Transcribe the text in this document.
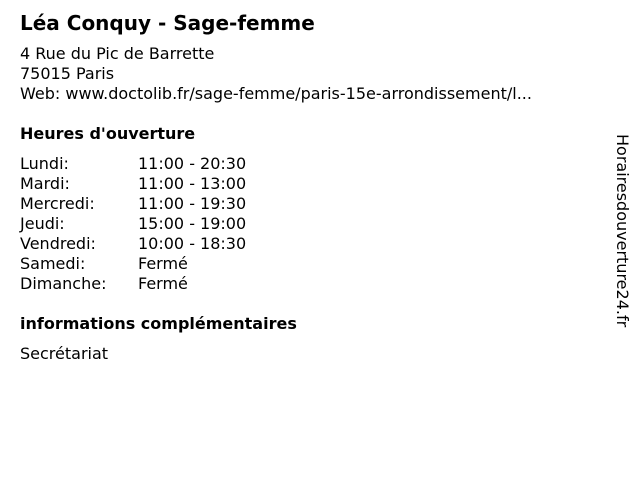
Léa Conquy - Sage-femme
4 Rue du Pic de Barrette
75015 Paris
Web: www.doctolib.fr/sage-femme/paris-15e-arrondissement/l...
Heures d'ouverture
Lundi:	11:00 - 20:30
Mardi:	11:00 - 13:00
Mercredi:	11:00 - 19:30
Jeudi:	15:00 - 19:00
Vendredi:	10:00 - 18:30
Samedi:	Fermé
Dimanche:	Fermé
informations complémentaires
Secrétariat
Horairesdouverture24.fr
